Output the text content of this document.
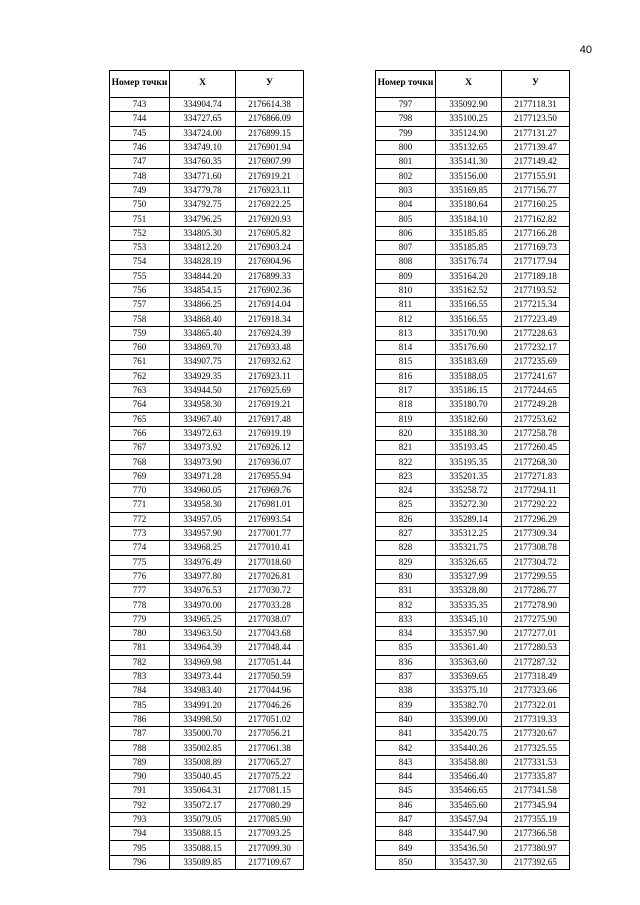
40
Номер точки	X	У
743	334904.74	2176614.38
744	334727.65	2176866.09
745	334724.00	2176899.15
746	334749.10	2176901.94
747	334760.35	2176907.99
748	334771.60	2176919.21
749	334779.78	2176923.11
750	334792.75	2176922.25
751	334796.25	2176920.93
752	334805.30	2176905.82
753	334812.20	2176903.24
754	334828.19	2176904.96
755	334844.20	2176899.33
756	334854.15	2176902.36
757	334866.25	2176914.04
758	334868.40	2176918.34
759	334865.40	2176924.39
760	334869.70	2176933.48
761	334907.75	2176932.62
762	334929.35	2176923.11
763	334944.50	2176925.69
764	334958.30	2176919.21
765	334967.40	2176917.48
766	334972.63	2176919.19
767	334973.92	2176926.12
768	334973.90	2176936.07
769	334971.28	2176955.94
770	334960.05	2176969.76
771	334958.30	2176981.01
772	334957.05	2176993.54
773	334957.90	2177001.77
774	334968.25	2177010.41
775	334976.49	2177018.60
776	334977.80	2177026.81
777	334976.53	2177030.72
778	334970.00	2177033.28
779	334965.25	2177038.07
780	334963.50	2177043.68
781	334964.39	2177048.44
782	334969.98	2177051.44
783	334973.44	2177050.59
784	334983.40	2177044.96
785	334991.20	2177046.26
786	334998.50	2177051.02
787	335000.70	2177056.21
788	335002.85	2177061.38
789	335008.89	2177065.27
790	335040.45	2177075.22
791	335064.31	2177081.15
792	335072.17	2177080.29
793	335079.05	2177085.90
794	335088.15	2177093.25
795	335088.15	2177099.30
796	335089.85	2177109.67
Номер точки	X	У
797	335092.90	2177118.31
798	335100.25	2177123.50
799	335124.90	2177131.27
800	335132.65	2177139.47
801	335141.30	2177149.42
802	335156.00	2177155.91
803	335169.85	2177156.77
804	335180.64	2177160.25
805	335184.10	2177162.82
806	335185.85	2177166.28
807	335185.85	2177169.73
808	335176.74	2177177.94
809	335164.20	2177189.18
810	335162.52	2177193.52
811	335166.55	2177215.34
812	335166.55	2177223.49
813	335170.90	2177228.63
814	335176.60	2177232.17
815	335183.69	2177235.69
816	335188.05	2177241.67
817	335186.15	2177244.65
818	335180.70	2177249.28
819	335182.60	2177253.62
820	335188.30	2177258.78
821	335193.45	2177260.45
822	335195.35	2177268.30
823	335201.35	2177271.83
824	335258.72	2177294.11
825	335272.30	2177292.22
826	335289.14	2177296.29
827	335312.25	2177309.34
828	335321.75	2177308.78
829	335326.65	2177304.72
830	335327.99	2177299.55
831	335328.80	2177286.77
832	335335.35	2177278.90
833	335345.10	2177275.90
834	335357.90	2177277.01
835	335361.40	2177280.53
836	335363.60	2177287.32
837	335369.65	2177318.49
838	335375.10	2177323.66
839	335382.70	2177322.01
840	335399.00	2177319.33
841	335420.75	2177320.67
842	335440.26	2177325.55
843	335458.80	2177331.53
844	335466.40	2177335.87
845	335466.65	2177341.58
846	335465.60	2177345.94
847	335457.94	2177355.19
848	335447.90	2177366.58
849	335436.50	2177380.97
850	335437.30	2177392.65
